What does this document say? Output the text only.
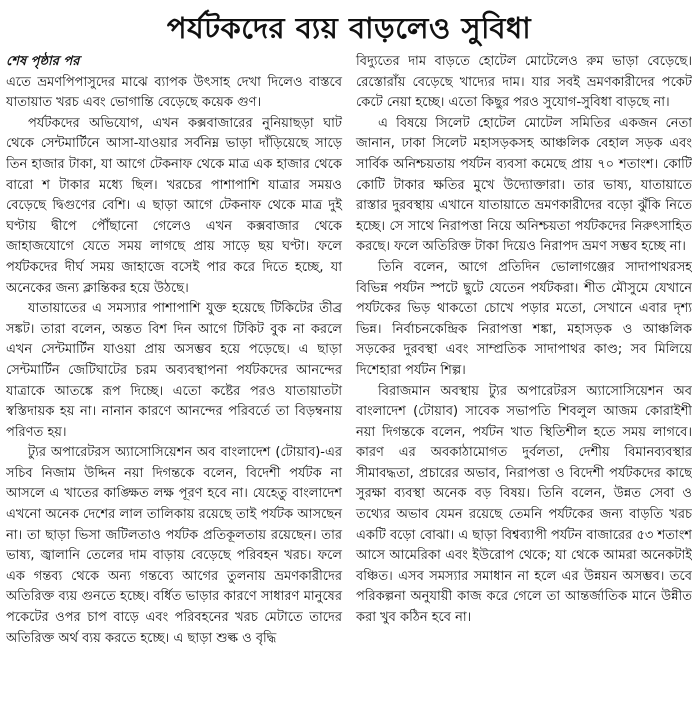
পর্যটকদের ব্যয় বাড়লেও সুবিধা

শেষ পৃষ্ঠার পর

এতে ভ্রমণপিপাসুদের মাঝে ব্যাপক উৎসাহ দেখা দিলেও বাস্তবে যাতায়াত খরচ এবং ভোগান্তি বেড়েছে কয়েক গুণ।

পর্যটকদের অভিযোগ, এখন কক্সবাজারের নুনিয়াছড়া ঘাট থেকে সেন্টমার্টিনে আসা-যাওয়ার সর্বনিম্ন ভাড়া দাঁড়িয়েছে সাড়ে তিন হাজার টাকা, যা আগে টেকনাফ থেকে মাত্র এক হাজার থেকে বারো শ টাকার মধ্যে ছিল। খরচের পাশাপাশি যাত্রার সময়ও বেড়েছে দ্বিগুণের বেশি। এ ছাড়া আগে টেকনাফ থেকে মাত্র দুই ঘণ্টায় দ্বীপে পৌঁছানো গেলেও এখন কক্সবাজার থেকে জাহাজযোগে যেতে সময় লাগছে প্রায় সাড়ে ছয় ঘণ্টা। ফলে পর্যটকদের দীর্ঘ সময় জাহাজে বসেই পার করে দিতে হচ্ছে, যা অনেকের জন্য ক্লান্তিকর হয়ে উঠছে।

যাতায়াতের এ সমস্যার পাশাপাশি যুক্ত হয়েছে টিকিটের তীব্র সঙ্কট। তারা বলেন, অন্তত বিশ দিন আগে টিকিট বুক না করলে এখন সেন্টমার্টিন যাওয়া প্রায় অসম্ভব হয়ে পড়েছে। এ ছাড়া সেন্টমার্টিন জেটিঘাটের চরম অব্যবস্থাপনা পর্যটকদের আনন্দের যাত্রাকে আতঙ্কে রূপ দিচ্ছে। এতো কষ্টের পরও যাতায়াতটা স্বস্তিদায়ক হয় না। নানান কারণে আনন্দের পরিবর্তে তা বিড়ম্বনায় পরিণত হয়।

ট্যুর অপারেটরস অ্যাসোসিয়েশন অব বাংলাদেশ (টোয়াব)-এর সচিব নিজাম উদ্দিন নয়া দিগন্তকে বলেন, বিদেশী পর্যটক না আসলে এ খাতের কাঙ্ক্ষিত লক্ষ পূরণ হবে না। যেহেতু বাংলাদেশ এখনো অনেক দেশের লাল তালিকায় রয়েছে তাই পর্যটক আসছেন না। তা ছাড়া ভিসা জটিলতাও পর্যটক প্রতিকূলতায় রয়েছেন। তার ভাষ্য, জ্বালানি তেলের দাম বাড়ায় বেড়েছে পরিবহন খরচ। ফলে এক গন্তব্য থেকে অন্য গন্তব্যে আগের তুলনায় ভ্রমণকারীদের অতিরিক্ত ব্যয় গুনতে হচ্ছে। বর্ধিত ভাড়ার কারণে সাধারণ মানুষের পকেটের ওপর চাপ বাড়ে এবং পরিবহনের খরচ মেটাতে তাদের অতিরিক্ত অর্থ ব্যয় করতে হচ্ছে। এ ছাড়া শুল্ক ও বৃদ্ধি

বিদ্যুতের দাম বাড়তে হোটেল মোটেলেও রুম ভাড়া বেড়েছে। রেস্তোরাঁয় বেড়েছে খাদ্যের দাম। যার সবই ভ্রমণকারীদের পকেট কেটে নেয়া হচ্ছে। এতো কিছুর পরও সুযোগ-সুবিধা বাড়ছে না।

এ বিষয়ে সিলেট হোটেল মোটেল সমিতির একজন নেতা জানান, ঢাকা সিলেট মহাসড়কসহ আঞ্চলিক বেহাল সড়ক এবং সার্বিক অনিশ্চয়তায় পর্যটন ব্যবসা কমেছে প্রায় ৭০ শতাংশ। কোটি কোটি টাকার ক্ষতির মুখে উদ্যোক্তারা। তার ভাষ্য, যাতায়াতে রাস্তার দুরবস্থায় এখানে যাতায়াতে ভ্রমণকারীদের বড়ো ঝুঁকি নিতে হচ্ছে। সে সাথে নিরাপত্তা নিয়ে অনিশ্চয়তা পর্যটকদের নিরুৎসাহিত করছে। ফলে অতিরিক্ত টাকা দিয়েও নিরাপদ ভ্রমণ সম্ভব হচ্ছে না।

তিনি বলেন, আগে প্রতিদিন ভোলাগঞ্জের সাদাপাথরসহ বিভিন্ন পর্যটন স্পটে ছুটে যেতেন পর্যটকরা। শীত মৌসুমে যেখানে পর্যটকের ভিড় থাকতো চোখে পড়ার মতো, সেখানে এবার দৃশ্য ভিন্ন। নির্বাচনকেন্দ্রিক নিরাপত্তা শঙ্কা, মহাসড়ক ও আঞ্চলিক সড়কের দুরবস্থা এবং সাম্প্রতিক সাদাপাথর কাণ্ড; সব মিলিয়ে দিশেহারা পর্যটন শিল্প।

বিরাজমান অবস্থায় ট্যুর অপারেটরস অ্যাসোসিয়েশন অব বাংলাদেশ (টোয়াব) সাবেক সভাপতি শিবলুল আজম কোরাইশী নয়া দিগন্তকে বলেন, পর্যটন খাত স্থিতিশীল হতে সময় লাগবে। কারণ এর অবকাঠামোগত দুর্বলতা, দেশীয় বিমানব্যবস্থার সীমাবদ্ধতা, প্রচারের অভাব, নিরাপত্তা ও বিদেশী পর্যটকদের কাছে সুরক্ষা ব্যবস্থা অনেক বড় বিষয়। তিনি বলেন, উন্নত সেবা ও তথ্যের অভাব যেমন রয়েছে তেমনি পর্যটকের জন্য বাড়তি খরচ একটি বড়ো বোঝা। এ ছাড়া বিশ্বব্যাপী পর্যটন বাজারের ৫৩ শতাংশ আসে আমেরিকা এবং ইউরোপ থেকে; যা থেকে আমরা অনেকটাই বঞ্চিত। এসব সমস্যার সমাধান না হলে এর উন্নয়ন অসম্ভব। তবে পরিকল্পনা অনুযায়ী কাজ করে গেলে তা আন্তর্জাতিক মানে উন্নীত করা খুব কঠিন হবে না।
